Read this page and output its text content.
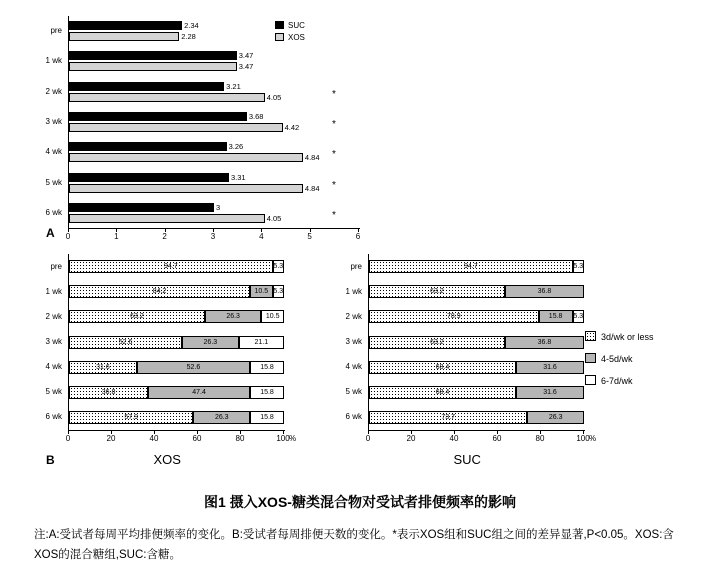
SUC
XOS
A	0	1	2	3	4	5	6
pre
2.34
2.28
1 wk
3.47
3.47
2 wk
3.21
4.05	*
3 wk
3.68
4.42	*
4 wk
3.26
4.84 *
5 wk
3.31
4.84 *
6 wk
3
4.05	*
0	20	40	60	80	100 %
XOS
pre	94.7	5.3
1 wk	84.2	10.5 5.3
2 wk	63.2	26.3	10.5
3 wk	52.6	26.3	21.1
4 wk	31.6	52.6	15.8
5 wk	36.8	47.4	15.8
6 wk	57.9	26.3	15.8
0	20	40	60	80	100 %
SUC
pre	94.7	5.3
1 wk	63.2	36.8
2 wk	78.9	15.8 5.3
3 wk	63.2	36.8
4 wk	68.4	31.6
5 wk	68.4	31.6
6 wk	73.7	26.3
3d/wk or less
4-5d/wk
6-7d/wk
B
图1 摄入XOS-糖类混合物对受试者排便频率的影响
注:A:受试者每周平均排便频率的变化。B:受试者每周排便天数的变化。*表示XOS组和SUC组之间的差异显著,P<0.05。XOS:含XOS的混合糖组,SUC:含糖。
